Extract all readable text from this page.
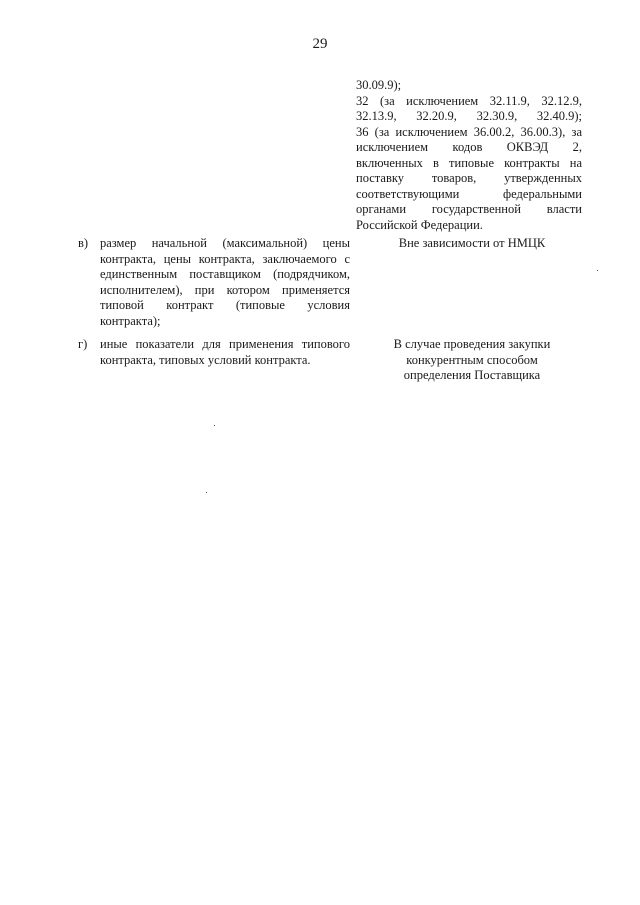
29
30.09.9);
32 (за исключением 32.11.9, 32.12.9,
32.13.9, 32.20.9, 32.30.9, 32.40.9);
36 (за исключением 36.00.2, 36.00.3), за
исключением кодов ОКВЭД 2,
включенных в типовые контракты на
поставку товаров, утвержденных
соответствующими федеральными
органами государственной власти
Российской Федерации.
в) размер начальной (максимальной) цены
контракта, цены контракта, заключаемого с
единственным поставщиком (подрядчиком,
исполнителем), при котором применяется
типовой контракт (типовые условия
контракта);
Вне зависимости от НМЦК
г) иные показатели для применения типового
контракта, типовых условий контракта.
В случае проведения закупки
конкурентным способом
определения Поставщика
